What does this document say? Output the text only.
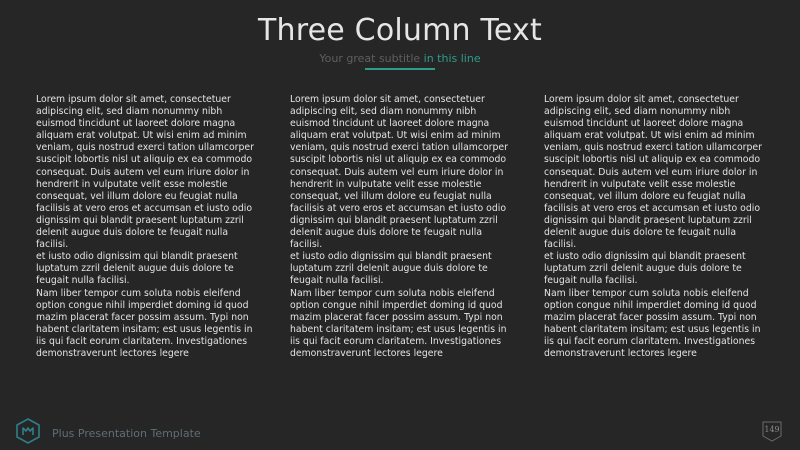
Three Column Text
Your great subtitle in this line

Lorem ipsum dolor sit amet, consectetuer adipiscing elit, sed diam nonummy nibh euismod tincidunt ut laoreet dolore magna aliquam erat volutpat. Ut wisi enim ad minim veniam, quis nostrud exerci tation ullamcorper suscipit lobortis nisl ut aliquip ex ea commodo consequat. Duis autem vel eum iriure dolor in hendrerit in vulputate velit esse molestie consequat, vel illum dolore eu feugiat nulla facilisis at vero eros et accumsan et iusto odio dignissim qui blandit praesent luptatum zzril delenit augue duis dolore te feugait nulla facilisi.

et iusto odio dignissim qui blandit praesent luptatum zzril delenit augue duis dolore te feugait nulla facilisi.

Nam liber tempor cum soluta nobis eleifend option congue nihil imperdiet doming id quod mazim placerat facer possim assum. Typi non habent claritatem insitam; est usus legentis in iis qui facit eorum claritatem. Investigationes demonstraverunt lectores legere

Lorem ipsum dolor sit amet, consectetuer adipiscing elit, sed diam nonummy nibh euismod tincidunt ut laoreet dolore magna aliquam erat volutpat. Ut wisi enim ad minim veniam, quis nostrud exerci tation ullamcorper suscipit lobortis nisl ut aliquip ex ea commodo consequat. Duis autem vel eum iriure dolor in hendrerit in vulputate velit esse molestie consequat, vel illum dolore eu feugiat nulla facilisis at vero eros et accumsan et iusto odio dignissim qui blandit praesent luptatum zzril delenit augue duis dolore te feugait nulla facilisi.

et iusto odio dignissim qui blandit praesent luptatum zzril delenit augue duis dolore te feugait nulla facilisi.

Nam liber tempor cum soluta nobis eleifend option congue nihil imperdiet doming id quod mazim placerat facer possim assum. Typi non habent claritatem insitam; est usus legentis in iis qui facit eorum claritatem. Investigationes demonstraverunt lectores legere

Lorem ipsum dolor sit amet, consectetuer adipiscing elit, sed diam nonummy nibh euismod tincidunt ut laoreet dolore magna aliquam erat volutpat. Ut wisi enim ad minim veniam, quis nostrud exerci tation ullamcorper suscipit lobortis nisl ut aliquip ex ea commodo consequat. Duis autem vel eum iriure dolor in hendrerit in vulputate velit esse molestie consequat, vel illum dolore eu feugiat nulla facilisis at vero eros et accumsan et iusto odio dignissim qui blandit praesent luptatum zzril delenit augue duis dolore te feugait nulla facilisi.

et iusto odio dignissim qui blandit praesent luptatum zzril delenit augue duis dolore te feugait nulla facilisi.

Nam liber tempor cum soluta nobis eleifend option congue nihil imperdiet doming id quod mazim placerat facer possim assum. Typi non habent claritatem insitam; est usus legentis in iis qui facit eorum claritatem. Investigationes demonstraverunt lectores legere

Plus Presentation Template	149
